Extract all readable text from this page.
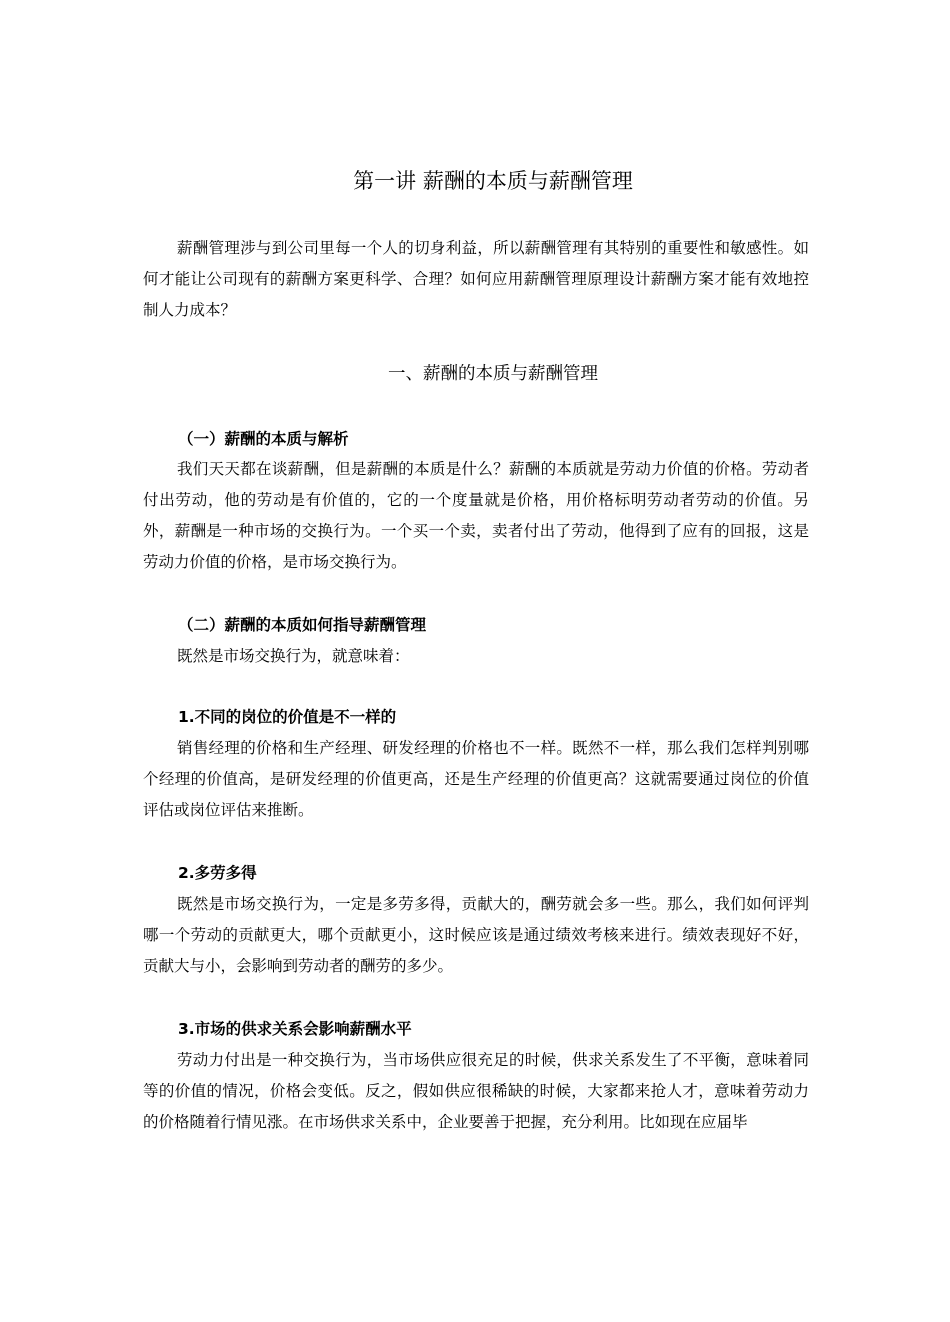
第一讲 薪酬的本质与薪酬管理

薪酬管理涉与到公司里每一个人的切身利益，所以薪酬管理有其特别的重要性和敏感性。如何才能让公司现有的薪酬方案更科学、合理？如何应用薪酬管理原理设计薪酬方案才能有效地控制人力成本？

一、薪酬的本质与薪酬管理
（一）薪酬的本质与解析

我们天天都在谈薪酬，但是薪酬的本质是什么？薪酬的本质就是劳动力价值的价格。劳动者付出劳动，他的劳动是有价值的，它的一个度量就是价格，用价格标明劳动者劳动的价值。另外，薪酬是一种市场的交换行为。一个买一个卖，卖者付出了劳动，他得到了应有的回报，这是劳动力价值的价格，是市场交换行为。

（二）薪酬的本质如何指导薪酬管理

既然是市场交换行为，就意味着：

1.不同的岗位的价值是不一样的

销售经理的价格和生产经理、研发经理的价格也不一样。既然不一样，那么我们怎样判别哪个经理的价值高，是研发经理的价值更高，还是生产经理的价值更高？这就需要通过岗位的价值评估或岗位评估来推断。

2.多劳多得

既然是市场交换行为，一定是多劳多得，贡献大的，酬劳就会多一些。那么，我们如何评判哪一个劳动的贡献更大，哪个贡献更小，这时候应该是通过绩效考核来进行。绩效表现好不好，贡献大与小，会影响到劳动者的酬劳的多少。

3.市场的供求关系会影响薪酬水平

劳动力付出是一种交换行为，当市场供应很充足的时候，供求关系发生了不平衡，意味着同等的价值的情况，价格会变低。反之，假如供应很稀缺的时候，大家都来抢人才，意味着劳动力的价格随着行情见涨。在市场供求关系中，企业要善于把握，充分利用。比如现在应届毕
